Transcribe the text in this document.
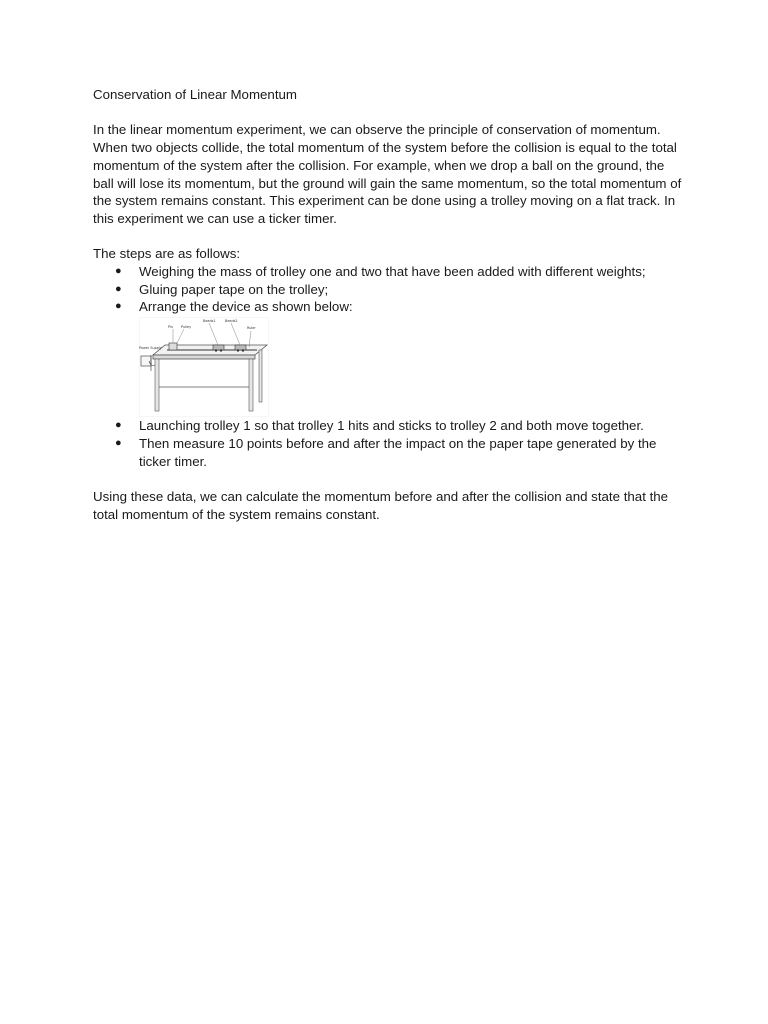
Conservation of Linear Momentum

In the linear momentum experiment, we can observe the principle of conservation of momentum. When two objects collide, the total momentum of the system before the collision is equal to the total momentum of the system after the collision. For example, when we drop a ball on the ground, the ball will lose its momentum, but the ground will gain the same momentum, so the total momentum of the system remains constant. This experiment can be done using a trolley moving on a flat track. In this experiment we can use a ticker timer.

The steps are as follows:

● Weighing the mass of trolley one and two that have been added with different weights;
● Gluing paper tape on the trolley;
● Arrange the device as shown below:
Pin Pulley
Beads1	Beads2
Ruler
Power Supply
● Launching trolley 1 so that trolley 1 hits and sticks to trolley 2 and both move together.
● Then measure 10 points before and after the impact on the paper tape generated by the ticker timer.

Using these data, we can calculate the momentum before and after the collision and state that the total momentum of the system remains constant.
